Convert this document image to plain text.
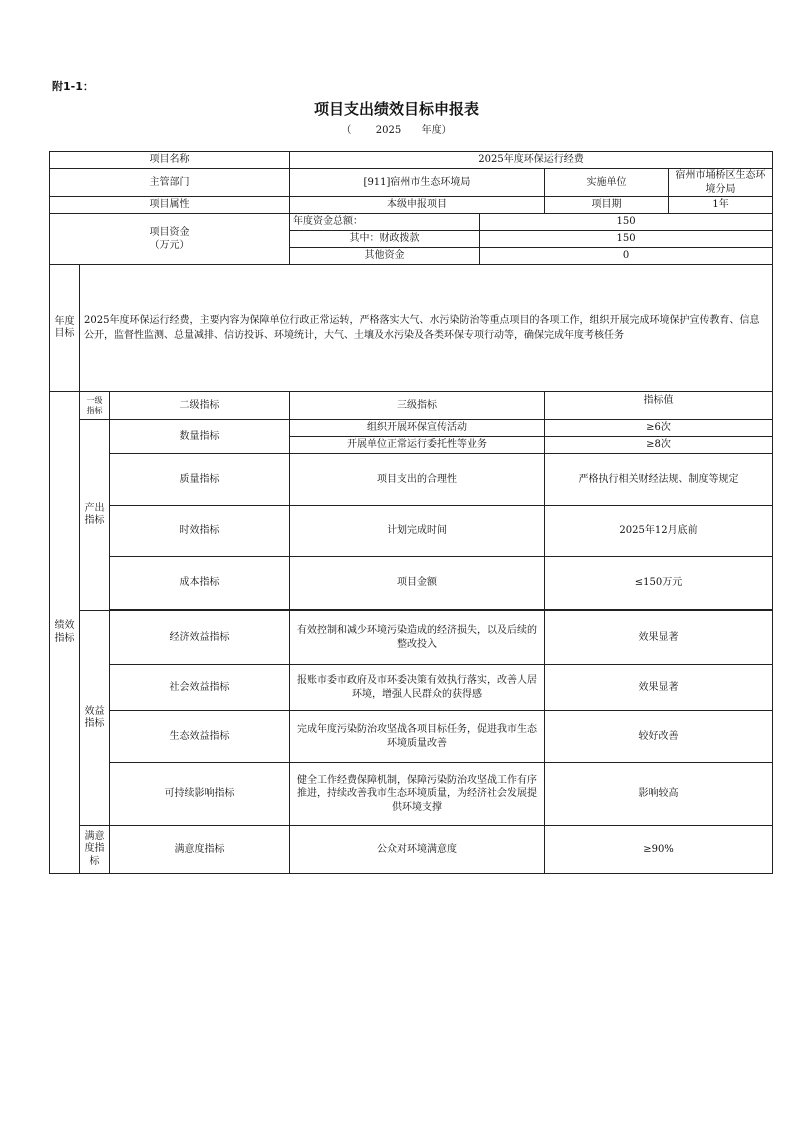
附1-1：
项目支出绩效目标申报表
（ 2025 年度）
项目名称			2025年度环保运行经费			
主管部门			[911]宿州市生态环境局		实施单位	宿州市埇桥区生态环境分局
项目属性			本级申报项目		项目期	1年

项目资金
（万元）			年度资金总额：	150		
			其中：财政拨款	150		
			其他资金	0		
年度目标	2025年度环保运行经费，主要内容为保障单位行政正常运转，严格落实大气、水污染防治等重点项目的各项工作，组织开展完成环境保护宣传教育、信息公开，监督性监测、总量减排、信访投诉、环境统计，大气、土壤及水污染及各类环保专项行动等，确保完成年度考核任务					
绩效指标	一级指标	二级指标	三级指标		指标值	
	产出指标	数量指标	组织开展环保宣传活动		≥6次	
			开展单位正常运行委托性等业务		≥8次	
		质量指标	项目支出的合理性		严格执行相关财经法规、制度等规定	
		时效指标	计划完成时间		2025年12月底前	
		成本指标	项目金额		≤150万元	

	效益指标	经济效益指标	有效控制和减少环境污染造成的经济损失，以及后续的整改投入		效果显著	
		社会效益指标	报账市委市政府及市环委决策有效执行落实，改善人居环境，增强人民群众的获得感		效果显著	
		生态效益指标	完成年度污染防治攻坚战各项目标任务，促进我市生态环境质量改善		较好改善	
		可持续影响指标	健全工作经费保障机制，保障污染防治攻坚战工作有序推进，持续改善我市生态环境质量，为经济社会发展提供环境支撑		影响较高	
	满意度指标	满意度指标	公众对环境满意度		≥90%	
